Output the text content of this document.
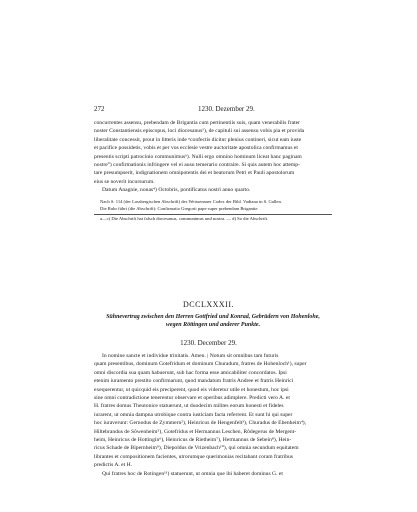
272	1230. Dezember 29.
concurrentes assensu, prebendam de Brigantia cum pertinentiis suis, quam venerabilis frater
noster Constantiensis episcopus, loci diocesanus¹), de capituli sui assensu vobis pia et provida
liberalitate concessit, prout in litteris inde ⁿconfectis dicitur plenius contineri, sicut eam iuste
et pacifice possidetis, vobis et per vos ecclesie vestre auctoritate apostolica confirmamus et
presentis scripti patrocinio communimusᵇ). Nulli ergo omnino hominum liceat hanc paginam
nostre°) confirmationis infringere vel ei ausu temerario contraire. Si quis autem hoc attemp-
tare presumpserit, indignationem omnipotentis dei et beatorum Petri et Pauli apostolorum
eius se noverit incursurum.
Datum Anagnie, nonas⁴) Octobris, pontificatus nostri anno quarto.
Nach S. 114 (der Lassbergischen Abschrift) des Weissenauer Codex der Bibl. Vadiana in S. Gallen.
Die Rubr führt (die Abschrift): Confirmatio Gregorii pape super prebendam Brigantie.
a—c) Die Abschrift hat falsch diocesanus, communimus und nostra. — d) So die Abschrift.
DCCLXXXII.
Sühnevertrag zwischen den Herren Gottfried und Konrad, Gebrüdern von Hohenlohe,
wegen Röttingen und anderer Punkte.
1230. December 29.
In nomine sancte et individue trinitatis. Amen. | Notum sit omnibus tam futuris
quam presentibus, dominum Gotefridum et dominum Churadum, fratres de Hohenloch¹), super
omni discordia sua quam habuerunt, sub hac forma esse amicabiliter concordatos. Ipsi
etenim iuramento prestito confirmarunt, quod mandatum fratris Andree et fratris Heinrici
exequerentur, ut quicquid eis preciperent, quod eis videretur utile et honestum, hoc ipsi
sine omni contradictione tenerentur observare et operibus adimplere. Predicti vero A. et
H. fratres domus Theutonice statuerunt, ut duodecim milites eorum honesti et fideles
iurarent, ut omnia dampna utrobique contra iusticiam facta referrent. Et sunt hi qui super
hoc iuraverunt: Gernodus de Zymmern²), Heinricus de Hengenfelt³), Churadus de Ebenheim⁴),
Hiltebrandus de Sôwenheim⁵), Gotefridus et Hermannus Leschen, Rôdegerus de Mergent-
heim, Heinricus de Hottingin⁶), Heinricus de Rietheim⁷), Hermannus de Sebein⁸), Hein-
ricus Schade de Bipernheim⁹), Diepoldus de Vrizenbach¹⁰), qui omnia secundum equitatem
librantes et compositionem facientes, utrorumque querimonias recitabant coram fratribus
predictis A. et H.
Qui fratres hoc de Rotingen¹¹) statuerunt, ut omnia que ibi haberet dominus G. et
